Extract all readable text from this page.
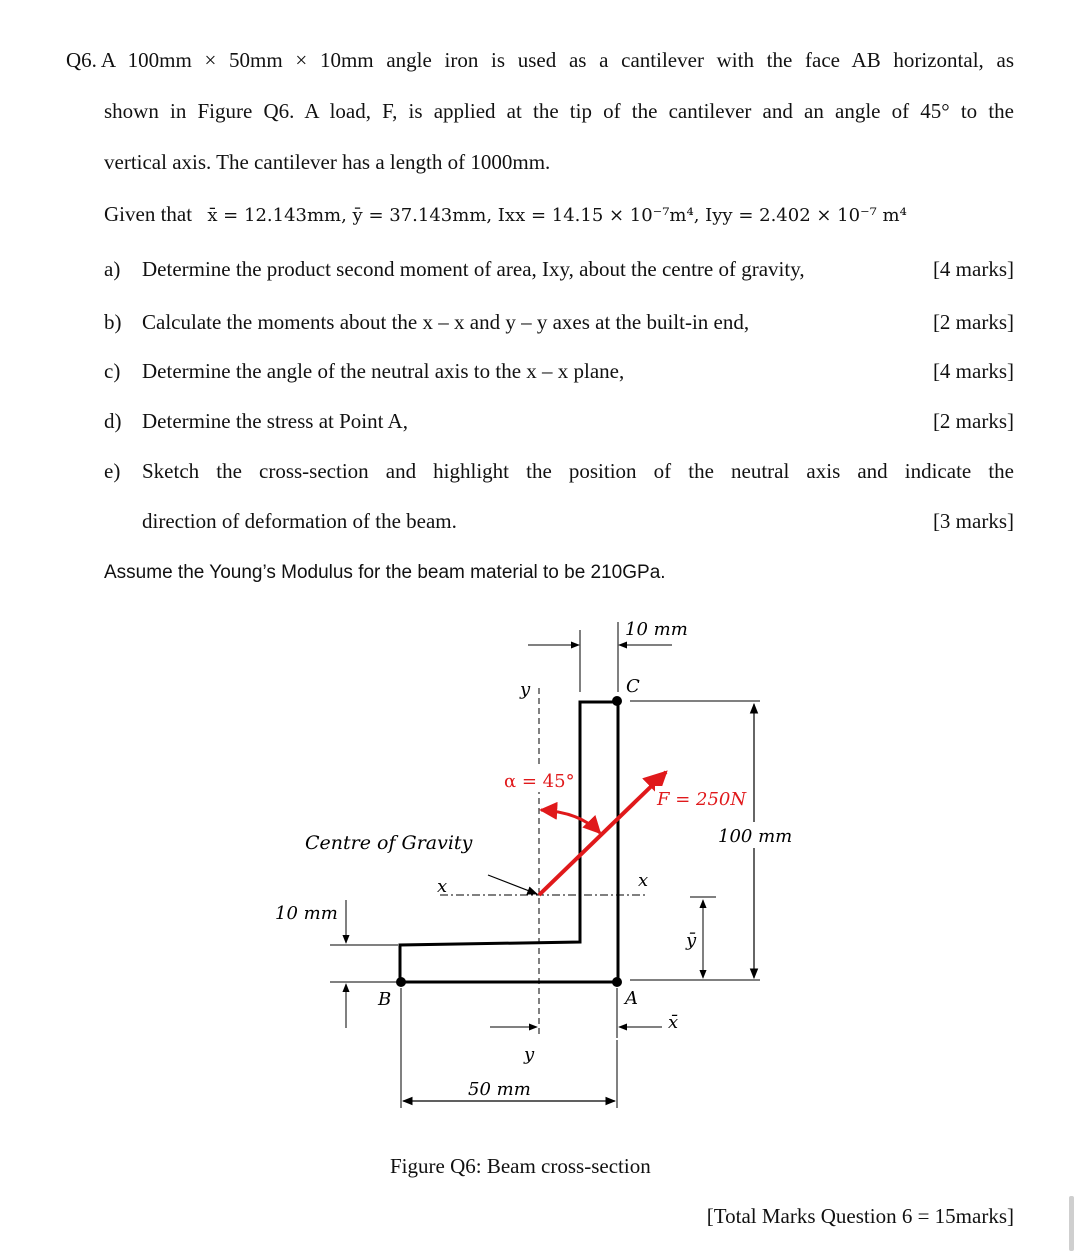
Q6. A 100mm × 50mm × 10mm angle iron is used as a cantilever with the face AB horizontal, as
shown in Figure Q6. A load, F, is applied at the tip of the cantilever and an angle of 45° to the
vertical axis. The cantilever has a length of 1000mm.
Given that x̄ = 12.143mm, ȳ = 37.143mm, Ixx = 14.15 × 10⁻⁷m⁴, Iyy = 2.402 × 10⁻⁷ m⁴
a) Determine the product second moment of area, Ixy, about the centre of gravity,	[4 marks]
b) Calculate the moments about the x – x and y – y axes at the built-in end,	[2 marks]
c) Determine the angle of the neutral axis to the x – x plane,	[4 marks]
d) Determine the stress at Point A,	[2 marks]
e) Sketch the cross-section and highlight the position of the neutral axis and indicate the
direction of deformation of the beam.	[3 marks]
Assume the Young’s Modulus for the beam material to be 210GPa.
10 mm
C
y
100 mm
F = 250N
α = 45°
Centre of Gravity
x	x
10 mm
ȳ
B	A
x̄
y
50 mm
Figure Q6: Beam cross-section
[Total Marks Question 6 = 15marks]
